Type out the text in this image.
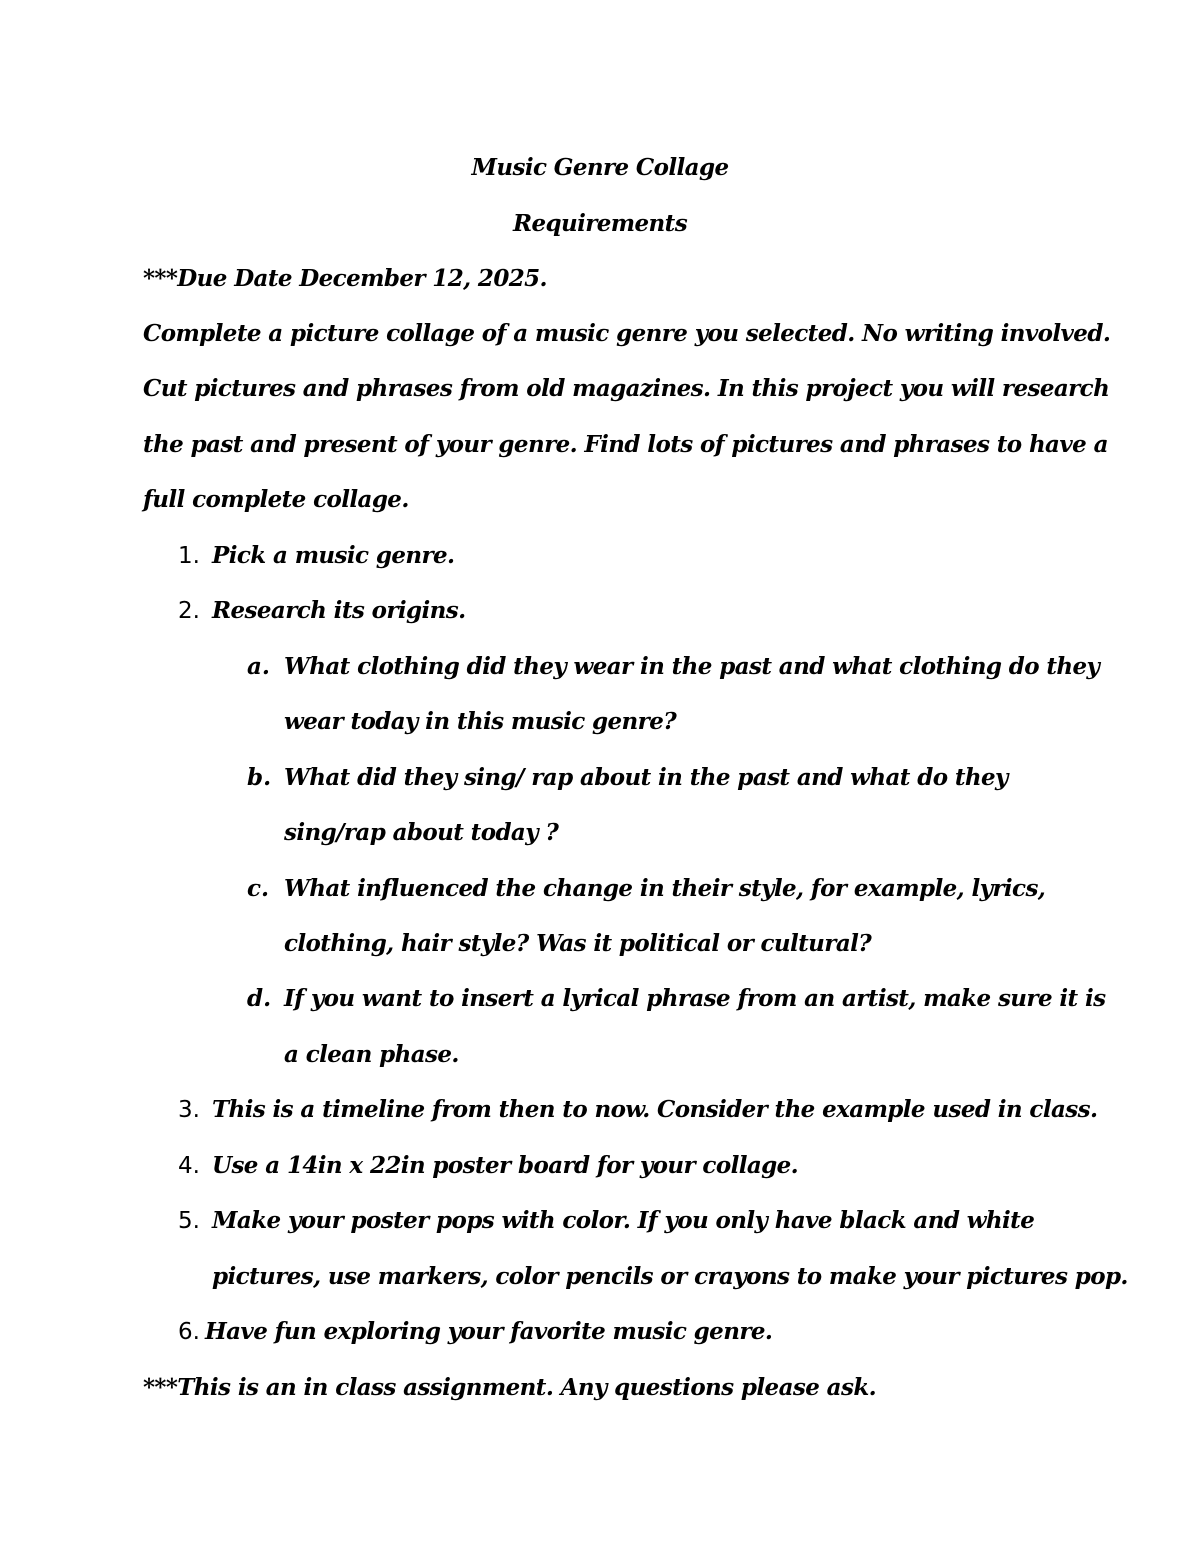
Music Genre Collage
Requirements
***Due Date December 12, 2025.
Complete a picture collage of a music genre you selected. No writing involved.
Cut pictures and phrases from old magazines. In this project you will research
the past and present of your genre. Find lots of pictures and phrases to have a
full complete collage.
1. Pick a music genre.
2. Research its origins.
a. What clothing did they wear in the past and what clothing do they
wear today in this music genre?
b. What did they sing/ rap about in the past and what do they
sing/rap about today ?
c. What influenced the change in their style, for example, lyrics,
clothing, hair style? Was it political or cultural?
d. If you want to insert a lyrical phrase from an artist, make sure it is
a clean phase.
3. This is a timeline from then to now. Consider the example used in class.
4. Use a 14in x 22in poster board for your collage.
5. Make your poster pops with color. If you only have black and white
pictures, use markers, color pencils or crayons to make your pictures pop.
6. Have fun exploring your favorite music genre.
***This is an in class assignment. Any questions please ask.
